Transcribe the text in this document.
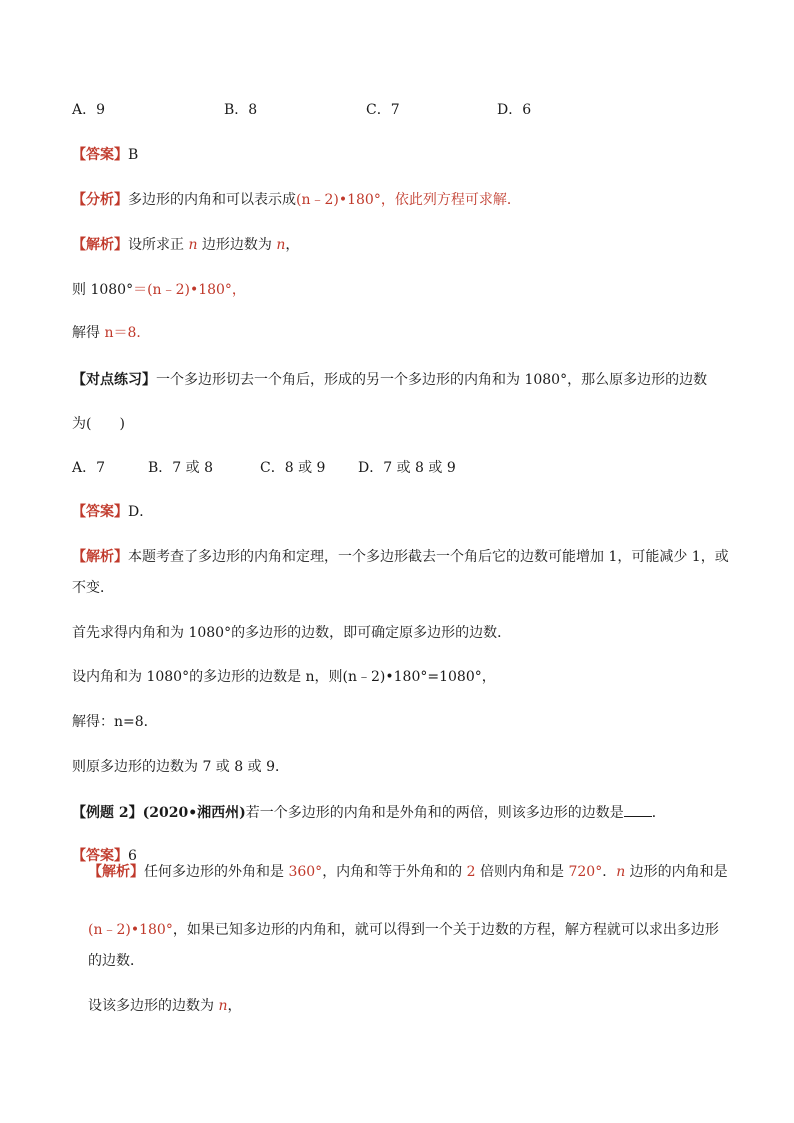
A．9	B．8	C．7	D．6
【答案】B
【分析】多边形的内角和可以表示成(n﹣2)•180°，依此列方程可求解．
【解析】设所求正 n 边形边数为 n，
则 1080°＝(n﹣2)•180°，
解得 n＝8．
【对点练习】一个多边形切去一个角后，形成的另一个多边形的内角和为 1080°，那么原多边形的边数
为(　　)
A．7	B．7 或 8	C．8 或 9 D．7 或 8 或 9
【答案】D．
【解析】本题考查了多边形的内角和定理，一个多边形截去一个角后它的边数可能增加 1，可能减少 1，或
不变．
首先求得内角和为 1080°的多边形的边数，即可确定原多边形的边数．
设内角和为 1080°的多边形的边数是 n，则(n﹣2)•180°=1080°，
解得：n=8．
则原多边形的边数为 7 或 8 或 9．
【例题 2】(2020•湘西州)若一个多边形的内角和是外角和的两倍，则该多边形的边数是 ．
【答案】6
【解析】任何多边形的外角和是 360°，内角和等于外角和的 2 倍则内角和是 720°．n 边形的内角和是
(n﹣2)•180°，如果已知多边形的内角和，就可以得到一个关于边数的方程，解方程就可以求出多边形
的边数．
设该多边形的边数为 n，
